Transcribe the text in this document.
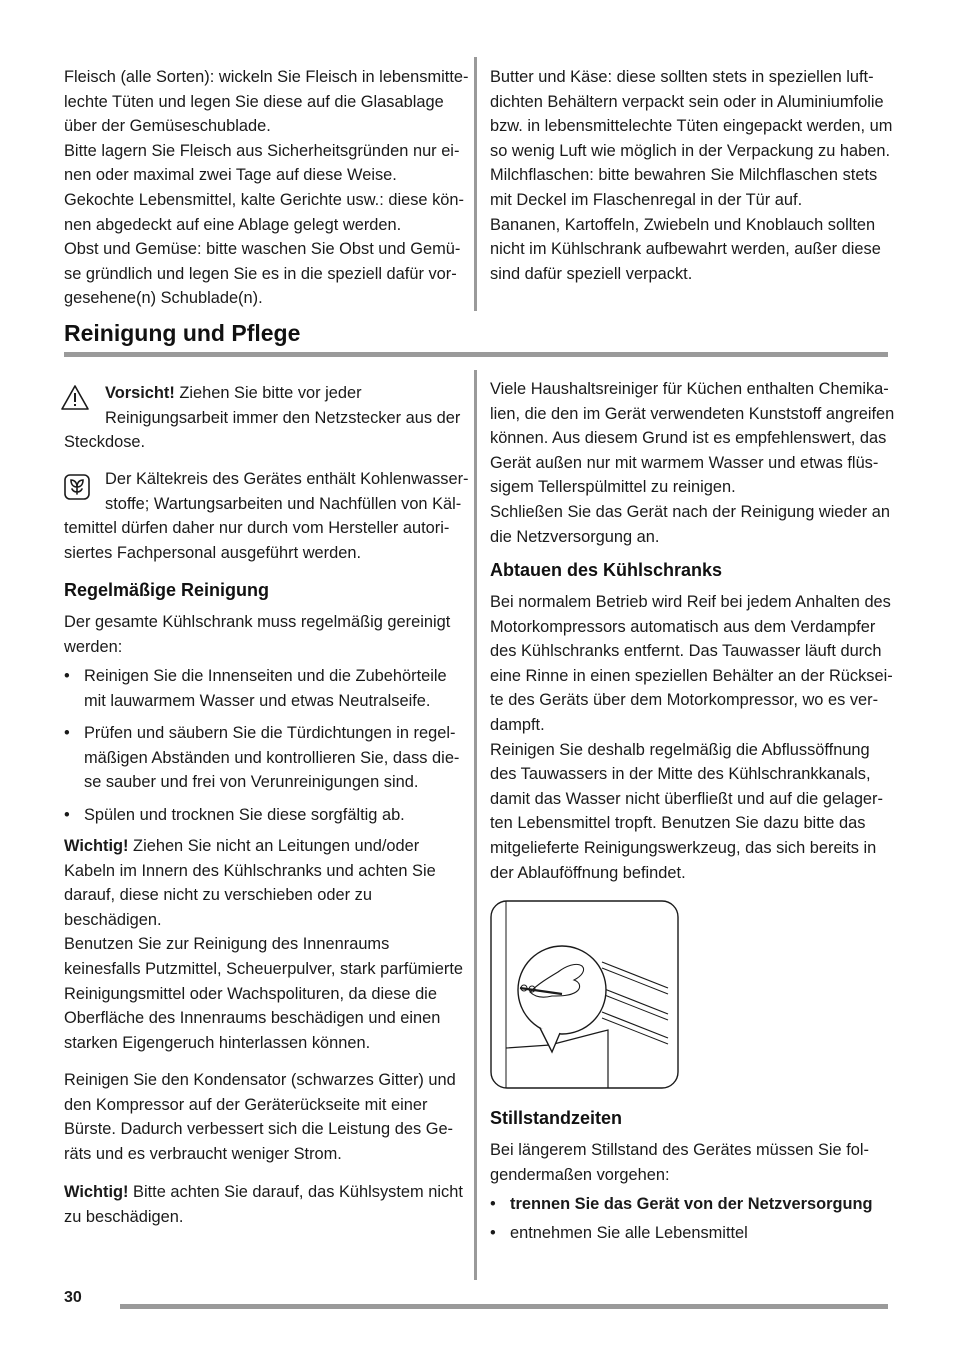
Fleisch (alle Sorten): wickeln Sie Fleisch in lebensmitte-
lechte Tüten und legen Sie diese auf die Glasablage
über der Gemüseschublade.
Bitte lagern Sie Fleisch aus Sicherheitsgründen nur ei-
nen oder maximal zwei Tage auf diese Weise.
Gekochte Lebensmittel, kalte Gerichte usw.: diese kön-
nen abgedeckt auf eine Ablage gelegt werden.
Obst und Gemüse: bitte waschen Sie Obst und Gemü-
se gründlich und legen Sie es in die speziell dafür vor-
gesehene(n) Schublade(n).
Butter und Käse: diese sollten stets in speziellen luft-
dichten Behältern verpackt sein oder in Aluminiumfolie
bzw. in lebensmittelechte Tüten eingepackt werden, um
so wenig Luft wie möglich in der Verpackung zu haben.
Milchflaschen: bitte bewahren Sie Milchflaschen stets
mit Deckel im Flaschenregal in der Tür auf.
Bananen, Kartoffeln, Zwiebeln und Knoblauch sollten
nicht im Kühlschrank aufbewahrt werden, außer diese
sind dafür speziell verpackt.
Reinigung und Pflege
Vorsicht! Ziehen Sie bitte vor jeder
Reinigungsarbeit immer den Netzstecker aus der
Steckdose.
Der Kältekreis des Gerätes enthält Kohlenwasser-
stoffe; Wartungsarbeiten und Nachfüllen von Käl-
temittel dürfen daher nur durch vom Hersteller autori-
siertes Fachpersonal ausgeführt werden.
Regelmäßige Reinigung
Der gesamte Kühlschrank muss regelmäßig gereinigt
werden:
• Reinigen Sie die Innenseiten und die Zubehörteile
mit lauwarmem Wasser und etwas Neutralseife.
• Prüfen und säubern Sie die Türdichtungen in regel-
mäßigen Abständen und kontrollieren Sie, dass die-
se sauber und frei von Verunreinigungen sind.
• Spülen und trocknen Sie diese sorgfältig ab.
Wichtig! Ziehen Sie nicht an Leitungen und/oder
Kabeln im Innern des Kühlschranks und achten Sie
darauf, diese nicht zu verschieben oder zu
beschädigen.
Benutzen Sie zur Reinigung des Innenraums
keinesfalls Putzmittel, Scheuerpulver, stark parfümierte
Reinigungsmittel oder Wachspolituren, da diese die
Oberfläche des Innenraums beschädigen und einen
starken Eigengeruch hinterlassen können.
Reinigen Sie den Kondensator (schwarzes Gitter) und
den Kompressor auf der Geräterückseite mit einer
Bürste. Dadurch verbessert sich die Leistung des Ge-
räts und es verbraucht weniger Strom.
Wichtig! Bitte achten Sie darauf, das Kühlsystem nicht
zu beschädigen.
Viele Haushaltsreiniger für Küchen enthalten Chemika-
lien, die den im Gerät verwendeten Kunststoff angreifen
können. Aus diesem Grund ist es empfehlenswert, das
Gerät außen nur mit warmem Wasser und etwas flüs-
sigem Tellerspülmittel zu reinigen.
Schließen Sie das Gerät nach der Reinigung wieder an
die Netzversorgung an.
Abtauen des Kühlschranks
Bei normalem Betrieb wird Reif bei jedem Anhalten des
Motorkompressors automatisch aus dem Verdampfer
des Kühlschranks entfernt. Das Tauwasser läuft durch
eine Rinne in einen speziellen Behälter an der Rücksei-
te des Geräts über dem Motorkompressor, wo es ver-
dampft.
Reinigen Sie deshalb regelmäßig die Abflussöffnung
des Tauwassers in der Mitte des Kühlschrankkanals,
damit das Wasser nicht überfließt und auf die gelager-
ten Lebensmittel tropft. Benutzen Sie dazu bitte das
mitgelieferte Reinigungswerkzeug, das sich bereits in
der Ablauföffnung befindet.
Stillstandzeiten
Bei längerem Stillstand des Gerätes müssen Sie fol-
gendermaßen vorgehen:
• trennen Sie das Gerät von der Netzversorgung
• entnehmen Sie alle Lebensmittel
30
